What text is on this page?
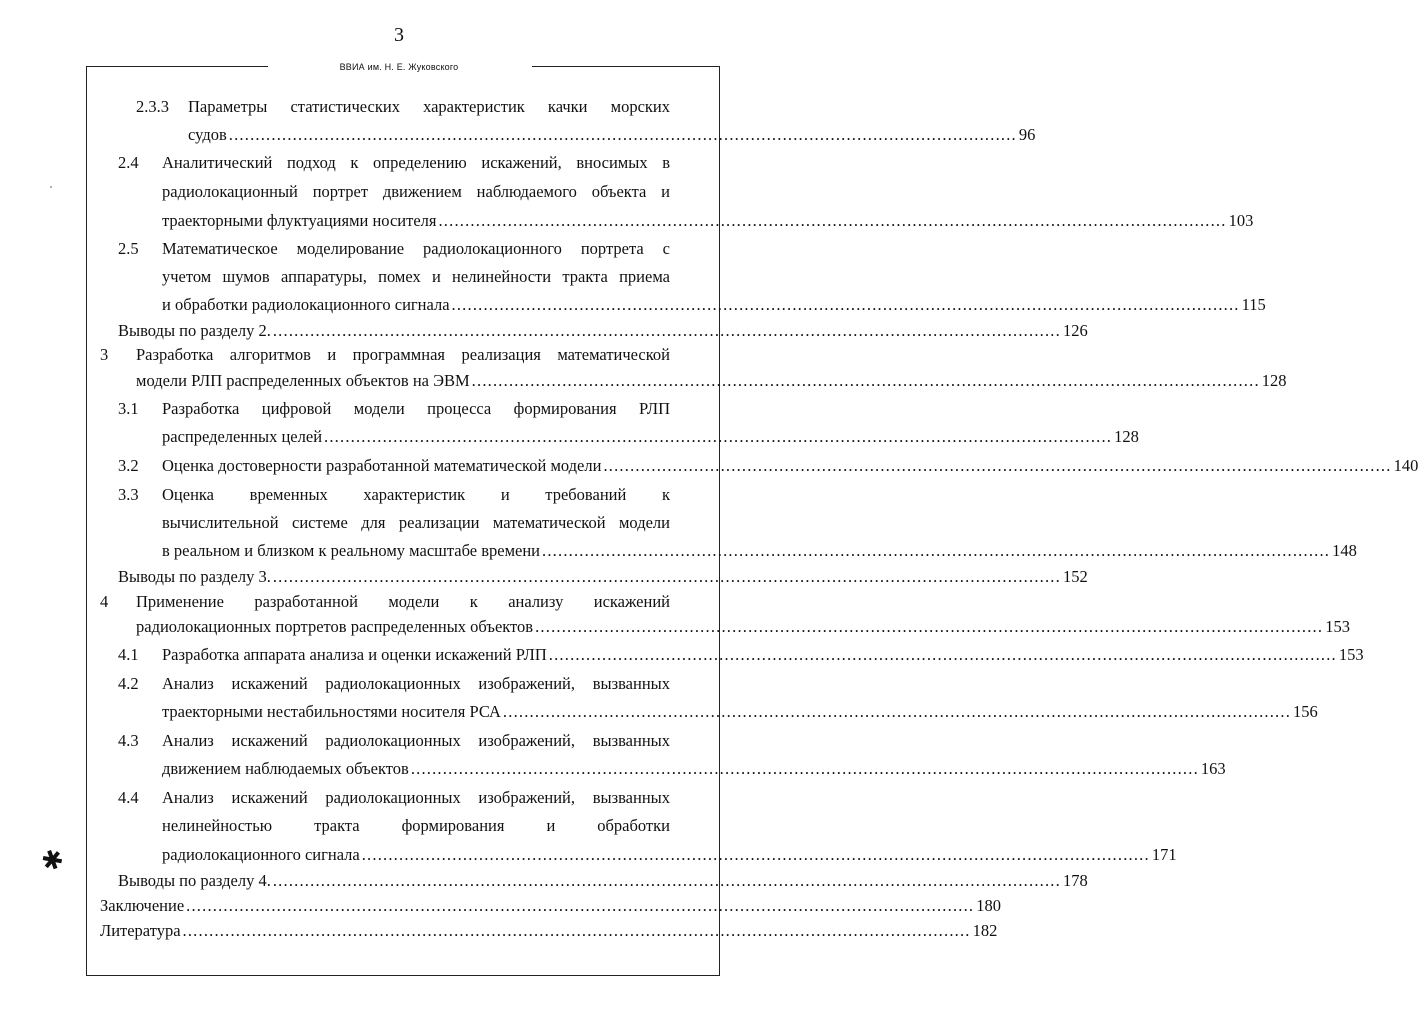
3
ВВИА им. Н. Е. Жуковского
2.3.3 Параметры статистических характеристик качки морских
судов .................................................................................................................................................... 96
2.4 Аналитический подход к определению искажений, вносимых в
радиолокационный портрет движением наблюдаемого объекта и
траекторными флуктуациями носителя .................................................................................................................................................... 103
2.5 Математическое моделирование радиолокационного портрета с
учетом шумов аппаратуры, помех и нелинейности тракта приема
и обработки радиолокационного сигнала .................................................................................................................................................... 115
Выводы по разделу 2. .................................................................................................................................................... 126
3 Разработка алгоритмов и программная реализация математической
модели РЛП распределенных объектов на ЭВМ .................................................................................................................................................... 128
3.1 Разработка цифровой модели процесса формирования РЛП
распределенных целей .................................................................................................................................................... 128
3.2 Оценка достоверности разработанной математической модели .................................................................................................................................................... 140
3.3 Оценка временных характеристик и требований к
вычислительной системе для реализации математической модели
в реальном и близком к реальному масштабе времени .................................................................................................................................................... 148
Выводы по разделу 3. .................................................................................................................................................... 152
4 Применение разработанной модели к анализу искажений
радиолокационных портретов распределенных объектов .................................................................................................................................................... 153
4.1 Разработка аппарата анализа и оценки искажений РЛП .................................................................................................................................................... 153
4.2 Анализ искажений радиолокационных изображений, вызванных
траекторными нестабильностями носителя РСА .................................................................................................................................................... 156
4.3 Анализ искажений радиолокационных изображений, вызванных
движением наблюдаемых объектов .................................................................................................................................................... 163
4.4 Анализ искажений радиолокационных изображений, вызванных
нелинейностью тракта формирования и обработки
радиолокационного сигнала .................................................................................................................................................... 171
Выводы по разделу 4. .................................................................................................................................................... 178
Заключение .................................................................................................................................................... 180
Литература .................................................................................................................................................... 182
✱
